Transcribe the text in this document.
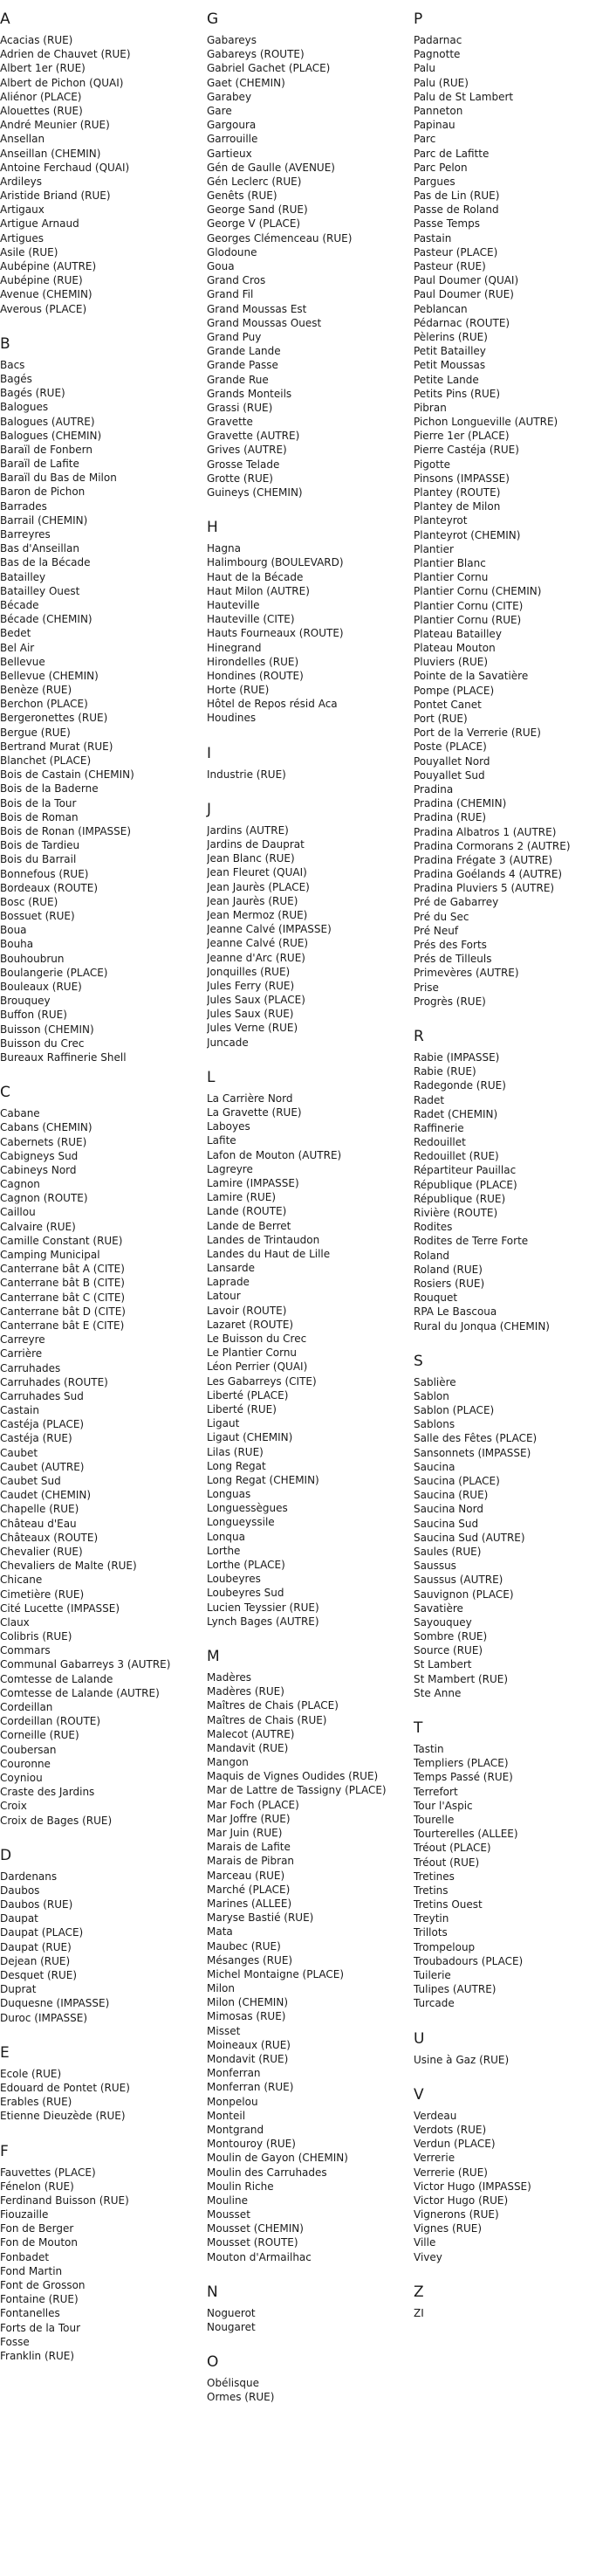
A
Acacias (RUE)
Adrien de Chauvet (RUE)
Albert 1er (RUE)
Albert de Pichon (QUAI)
Aliénor (PLACE)
Alouettes (RUE)
André Meunier (RUE)
Ansellan
Anseillan (CHEMIN)
Antoine Ferchaud (QUAI)
Ardileys
Aristide Briand (RUE)
Artigaux
Artigue Arnaud
Artigues
Asile (RUE)
Aubépine (AUTRE)
Aubépine (RUE)
Avenue (CHEMIN)
Averous (PLACE)
B
Bacs
Bagés
Bagés (RUE)
Balogues
Balogues (AUTRE)
Balogues (CHEMIN)
Baraïl de Fonbern
Baraïl de Lafite
Baraïl du Bas de Milon
Baron de Pichon
Barrades
Barrail (CHEMIN)
Barreyres
Bas d'Anseillan
Bas de la Bécade
Batailley
Batailley Ouest
Bécade
Bécade (CHEMIN)
Bedet
Bel Air
Bellevue
Bellevue (CHEMIN)
Benèze (RUE)
Berchon (PLACE)
Bergeronettes (RUE)
Bergue (RUE)
Bertrand Murat (RUE)
Blanchet (PLACE)
Bois de Castain (CHEMIN)
Bois de la Baderne
Bois de la Tour
Bois de Roman
Bois de Ronan (IMPASSE)
Bois de Tardieu
Bois du Barrail
Bonnefous (RUE)
Bordeaux (ROUTE)
Bosc (RUE)
Bossuet (RUE)
Boua
Bouha
Bouhoubrun
Boulangerie (PLACE)
Bouleaux (RUE)
Brouquey
Buffon (RUE)
Buisson (CHEMIN)
Buisson du Crec
Bureaux Raffinerie Shell
C
Cabane
Cabans (CHEMIN)
Cabernets (RUE)
Cabigneys Sud
Cabineys Nord
Cagnon
Cagnon (ROUTE)
Caillou
Calvaire (RUE)
Camille Constant (RUE)
Camping Municipal
Canterrane bât A (CITE)
Canterrane bât B (CITE)
Canterrane bât C (CITE)
Canterrane bât D (CITE)
Canterrane bât E (CITE)
Carreyre
Carrière
Carruhades
Carruhades (ROUTE)
Carruhades Sud
Castain
Castéja (PLACE)
Castéja (RUE)
Caubet
Caubet (AUTRE)
Caubet Sud
Caudet (CHEMIN)
Chapelle (RUE)
Château d'Eau
Châteaux (ROUTE)
Chevalier (RUE)
Chevaliers de Malte (RUE)
Chicane
Cimetière (RUE)
Cité Lucette (IMPASSE)
Claux
Colibris (RUE)
Commars
Communal Gabarreys 3 (AUTRE)
Comtesse de Lalande
Comtesse de Lalande (AUTRE)
Cordeillan
Cordeillan (ROUTE)
Corneille (RUE)
Coubersan
Couronne
Coyniou
Craste des Jardins
Croix
Croix de Bages (RUE)
D
Dardenans
Daubos
Daubos (RUE)
Daupat
Daupat (PLACE)
Daupat (RUE)
Dejean (RUE)
Desquet (RUE)
Duprat
Duquesne (IMPASSE)
Duroc (IMPASSE)
E
Ecole (RUE)
Edouard de Pontet (RUE)
Erables (RUE)
Etienne Dieuzède (RUE)
F
Fauvettes (PLACE)
Fénelon (RUE)
Ferdinand Buisson (RUE)
Fiouzaille
Fon de Berger
Fon de Mouton
Fonbadet
Fond Martin
Font de Grosson
Fontaine (RUE)
Fontanelles
Forts de la Tour
Fosse
Franklin (RUE)
G
Gabareys
Gabareys (ROUTE)
Gabriel Gachet (PLACE)
Gaet (CHEMIN)
Garabey
Gare
Gargoura
Garrouille
Gartieux
Gén de Gaulle (AVENUE)
Gén Leclerc (RUE)
Genêts (RUE)
George Sand (RUE)
George V (PLACE)
Georges Clémenceau (RUE)
Glodoune
Goua
Grand Cros
Grand Fil
Grand Moussas Est
Grand Moussas Ouest
Grand Puy
Grande Lande
Grande Passe
Grande Rue
Grands Monteils
Grassi (RUE)
Gravette
Gravette (AUTRE)
Grives (AUTRE)
Grosse Telade
Grotte (RUE)
Guineys (CHEMIN)
H
Hagna
Halimbourg (BOULEVARD)
Haut de la Bécade
Haut Milon (AUTRE)
Hauteville
Hauteville (CITE)
Hauts Fourneaux (ROUTE)
Hinegrand
Hirondelles (RUE)
Hondines (ROUTE)
Horte (RUE)
Hôtel de Repos résid Aca
Houdines
I
Industrie (RUE)
J
Jardins (AUTRE)
Jardins de Dauprat
Jean Blanc (RUE)
Jean Fleuret (QUAI)
Jean Jaurès (PLACE)
Jean Jaurès (RUE)
Jean Mermoz (RUE)
Jeanne Calvé (IMPASSE)
Jeanne Calvé (RUE)
Jeanne d'Arc (RUE)
Jonquilles (RUE)
Jules Ferry (RUE)
Jules Saux (PLACE)
Jules Saux (RUE)
Jules Verne (RUE)
Juncade
L
La Carrière Nord
La Gravette (RUE)
Laboyes
Lafite
Lafon de Mouton (AUTRE)
Lagreyre
Lamire (IMPASSE)
Lamire (RUE)
Lande (ROUTE)
Lande de Berret
Landes de Trintaudon
Landes du Haut de Lille
Lansarde
Laprade
Latour
Lavoir (ROUTE)
Lazaret (ROUTE)
Le Buisson du Crec
Le Plantier Cornu
Léon Perrier (QUAI)
Les Gabarreys (CITE)
Liberté (PLACE)
Liberté (RUE)
Ligaut
Ligaut (CHEMIN)
Lilas (RUE)
Long Regat
Long Regat (CHEMIN)
Longuas
Longuessègues
Longueyssile
Lonqua
Lorthe
Lorthe (PLACE)
Loubeyres
Loubeyres Sud
Lucien Teyssier (RUE)
Lynch Bages (AUTRE)
M
Madères
Madères (RUE)
Maîtres de Chais (PLACE)
Maîtres de Chais (RUE)
Malecot (AUTRE)
Mandavit (RUE)
Mangon
Maquis de Vignes Oudides (RUE)
Mar de Lattre de Tassigny (PLACE)
Mar Foch (PLACE)
Mar Joffre (RUE)
Mar Juin (RUE)
Marais de Lafite
Marais de Pibran
Marceau (RUE)
Marché (PLACE)
Marines (ALLEE)
Maryse Bastié (RUE)
Mata
Maubec (RUE)
Mésanges (RUE)
Michel Montaigne (PLACE)
Milon
Milon (CHEMIN)
Mimosas (RUE)
Misset
Moineaux (RUE)
Mondavit (RUE)
Monferran
Monferran (RUE)
Monpelou
Monteil
Montgrand
Montouroy (RUE)
Moulin de Gayon (CHEMIN)
Moulin des Carruhades
Moulin Riche
Mouline
Mousset
Mousset (CHEMIN)
Mousset (ROUTE)
Mouton d'Armailhac
N
Noguerot
Nougaret
O
Obélisque
Ormes (RUE)
P
Padarnac
Pagnotte
Palu
Palu (RUE)
Palu de St Lambert
Panneton
Papinau
Parc
Parc de Lafitte
Parc Pelon
Pargues
Pas de Lin (RUE)
Passe de Roland
Passe Temps
Pastain
Pasteur (PLACE)
Pasteur (RUE)
Paul Doumer (QUAI)
Paul Doumer (RUE)
Peblancan
Pédarnac (ROUTE)
Pèlerins (RUE)
Petit Batailley
Petit Moussas
Petite Lande
Petits Pins (RUE)
Pibran
Pichon Longueville (AUTRE)
Pierre 1er (PLACE)
Pierre Castéja (RUE)
Pigotte
Pinsons (IMPASSE)
Plantey (ROUTE)
Plantey de Milon
Planteyrot
Planteyrot (CHEMIN)
Plantier
Plantier Blanc
Plantier Cornu
Plantier Cornu (CHEMIN)
Plantier Cornu (CITE)
Plantier Cornu (RUE)
Plateau Batailley
Plateau Mouton
Pluviers (RUE)
Pointe de la Savatière
Pompe (PLACE)
Pontet Canet
Port (RUE)
Port de la Verrerie (RUE)
Poste (PLACE)
Pouyallet Nord
Pouyallet Sud
Pradina
Pradina (CHEMIN)
Pradina (RUE)
Pradina Albatros 1 (AUTRE)
Pradina Cormorans 2 (AUTRE)
Pradina Frégate 3 (AUTRE)
Pradina Goélands 4 (AUTRE)
Pradina Pluviers 5 (AUTRE)
Pré de Gabarrey
Pré du Sec
Pré Neuf
Prés des Forts
Prés de Tilleuls
Primevères (AUTRE)
Prise
Progrès (RUE)
R
Rabie (IMPASSE)
Rabie (RUE)
Radegonde (RUE)
Radet
Radet (CHEMIN)
Raffinerie
Redouillet
Redouillet (RUE)
Répartiteur Pauillac
République (PLACE)
République (RUE)
Rivière (ROUTE)
Rodites
Rodites de Terre Forte
Roland
Roland (RUE)
Rosiers (RUE)
Rouquet
RPA Le Bascoua
Rural du Jonqua (CHEMIN)
S
Sablière
Sablon
Sablon (PLACE)
Sablons
Salle des Fêtes (PLACE)
Sansonnets (IMPASSE)
Saucina
Saucina (PLACE)
Saucina (RUE)
Saucina Nord
Saucina Sud
Saucina Sud (AUTRE)
Saules (RUE)
Saussus
Saussus (AUTRE)
Sauvignon (PLACE)
Savatière
Sayouquey
Sombre (RUE)
Source (RUE)
St Lambert
St Mambert (RUE)
Ste Anne
T
Tastin
Templiers (PLACE)
Temps Passé (RUE)
Terrefort
Tour l'Aspic
Tourelle
Tourterelles (ALLEE)
Tréout (PLACE)
Tréout (RUE)
Tretines
Tretins
Tretins Ouest
Treytin
Trillots
Trompeloup
Troubadours (PLACE)
Tuilerie
Tulipes (AUTRE)
Turcade
U
Usine à Gaz (RUE)
V
Verdeau
Verdots (RUE)
Verdun (PLACE)
Verrerie
Verrerie (RUE)
Victor Hugo (IMPASSE)
Victor Hugo (RUE)
Vignerons (RUE)
Vignes (RUE)
Ville
Vivey
Z
ZI
